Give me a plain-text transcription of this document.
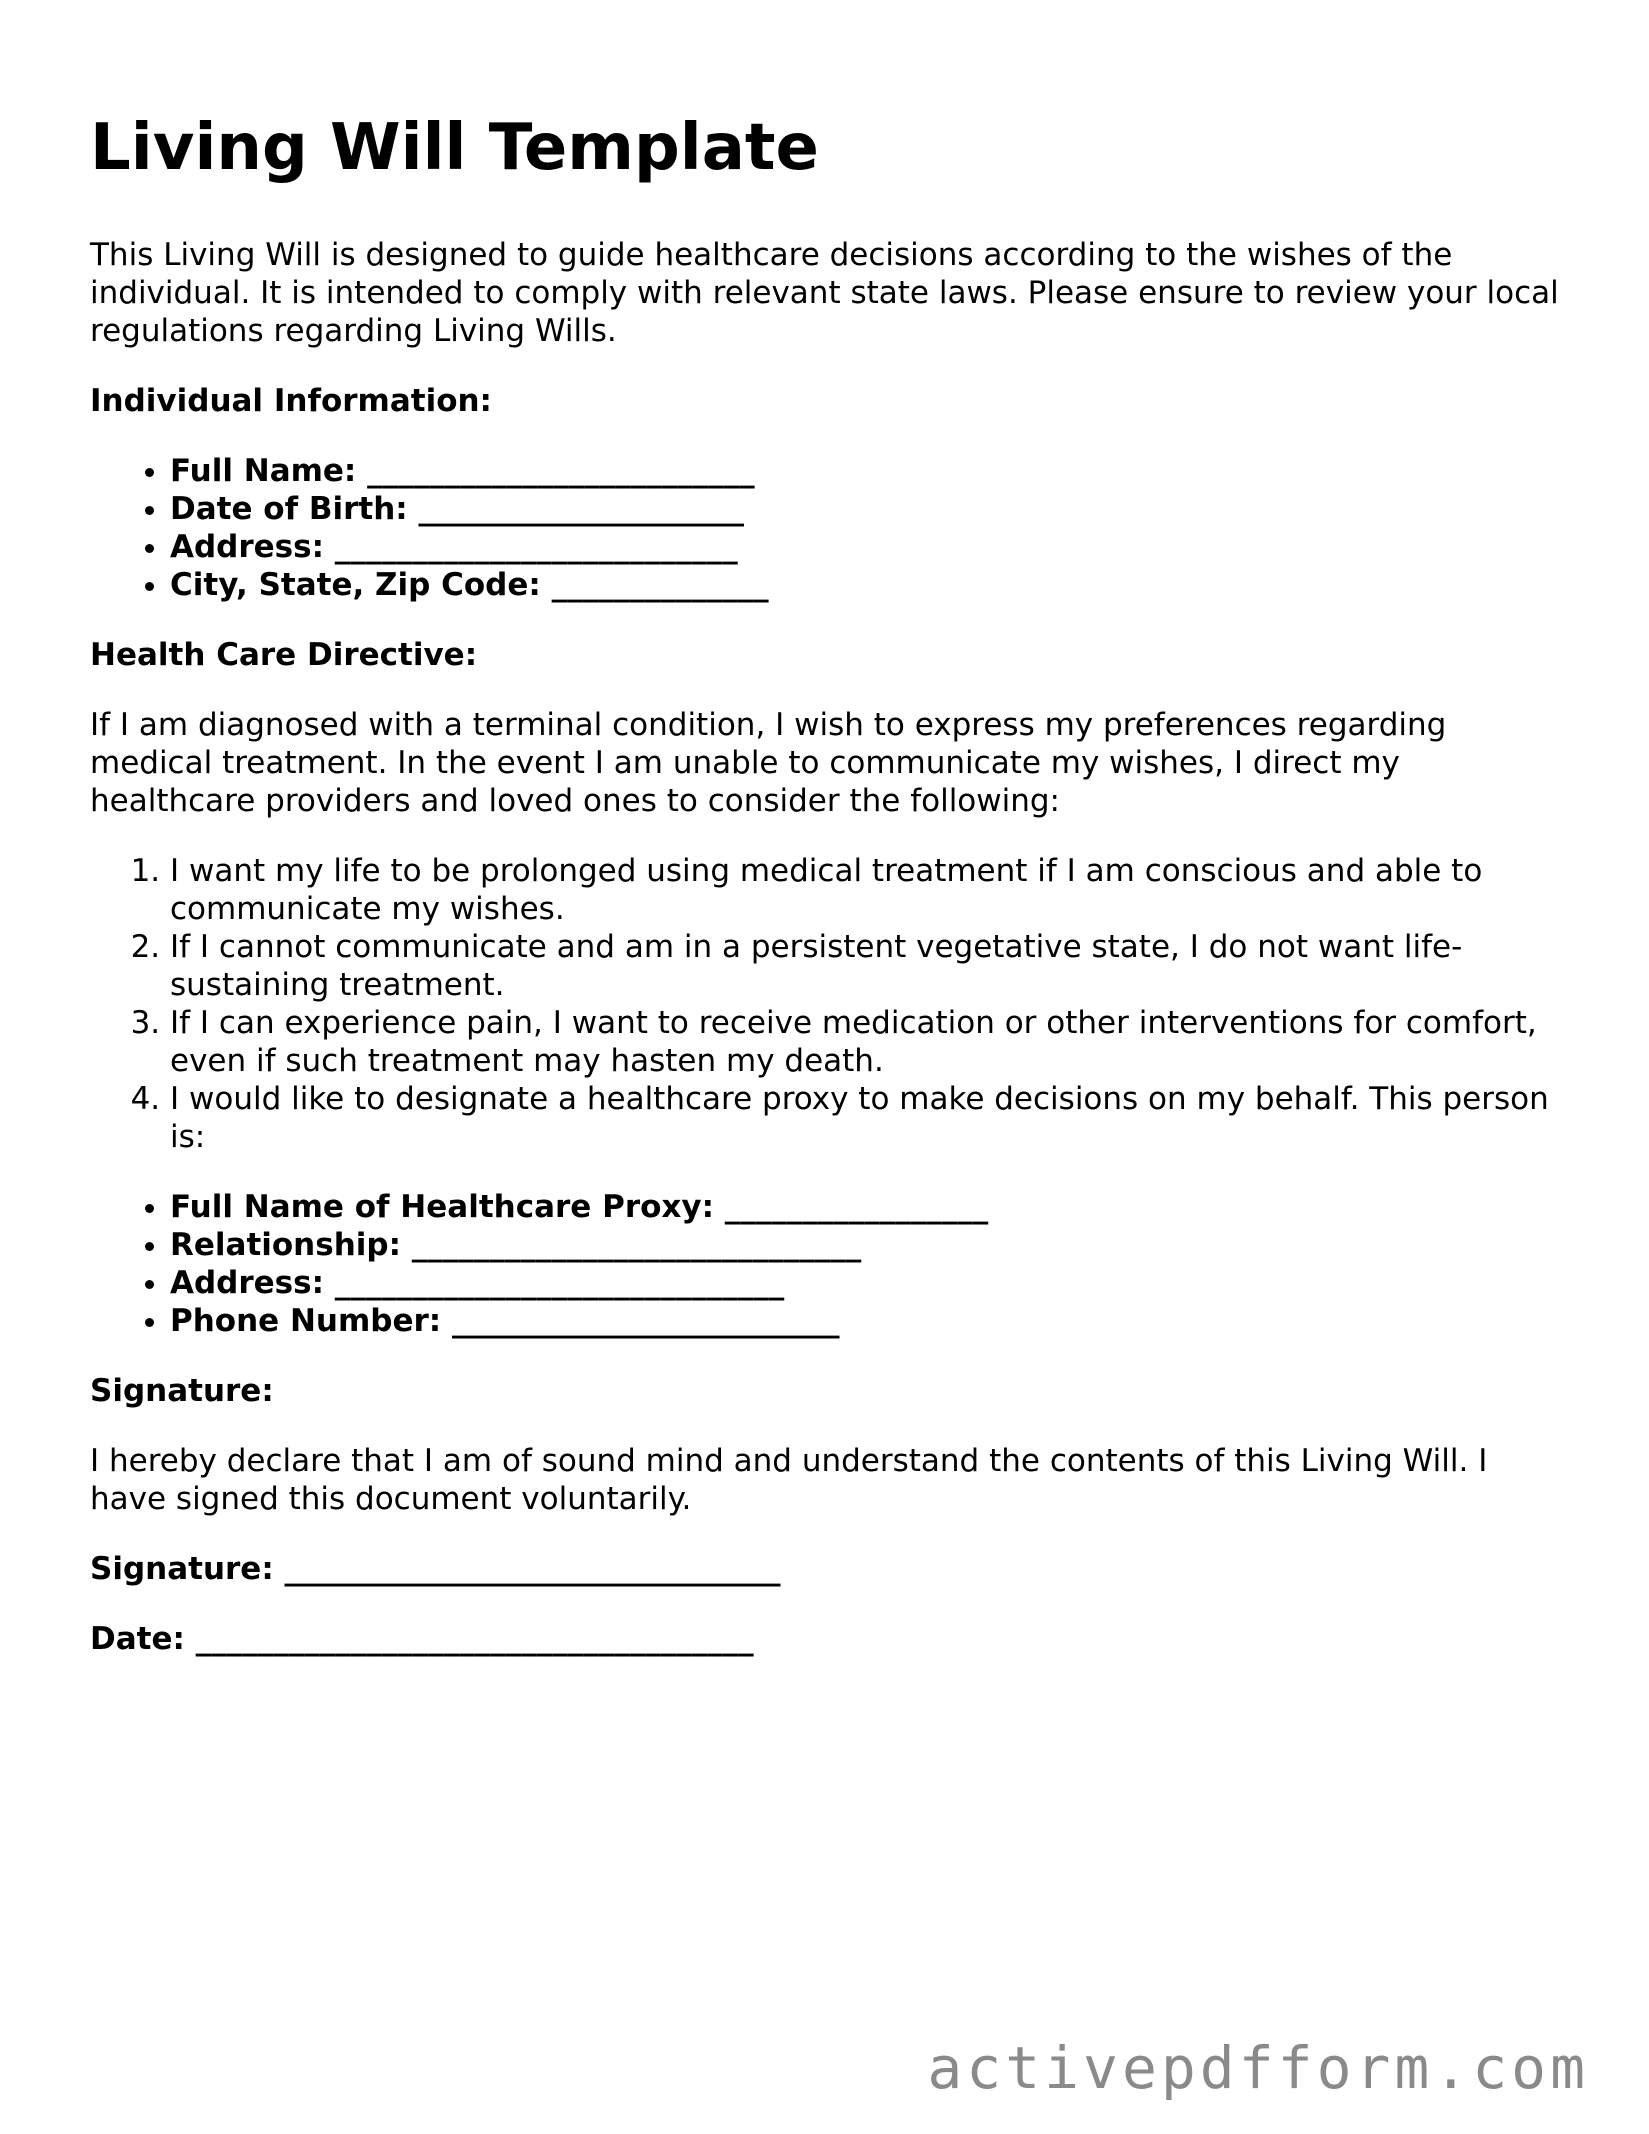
Living Will Template

This Living Will is designed to guide healthcare decisions according to the wishes of the individual. It is intended to comply with relevant state laws. Please ensure to review your local regulations regarding Living Wills.

Individual Information:

• Full Name: _________________________
• Date of Birth: _____________________
• Address: __________________________
• City, State, Zip Code: ______________

Health Care Directive:

If I am diagnosed with a terminal condition, I wish to express my preferences regarding medical treatment. In the event I am unable to communicate my wishes, I direct my healthcare providers and loved ones to consider the following:

1. I want my life to be prolonged using medical treatment if I am conscious and able to communicate my wishes.
2. If I cannot communicate and am in a persistent vegetative state, I do not want life-sustaining treatment.
3. If I can experience pain, I want to receive medication or other interventions for comfort, even if such treatment may hasten my death.
4. I would like to designate a healthcare proxy to make decisions on my behalf. This person is:
• Full Name of Healthcare Proxy: _________________
• Relationship: _____________________________
• Address: _____________________________
• Phone Number: _________________________

Signature:

I hereby declare that I am of sound mind and understand the contents of this Living Will. I have signed this document voluntarily.

Signature: ________________________________

Date: ____________________________________

activepdfform.com
